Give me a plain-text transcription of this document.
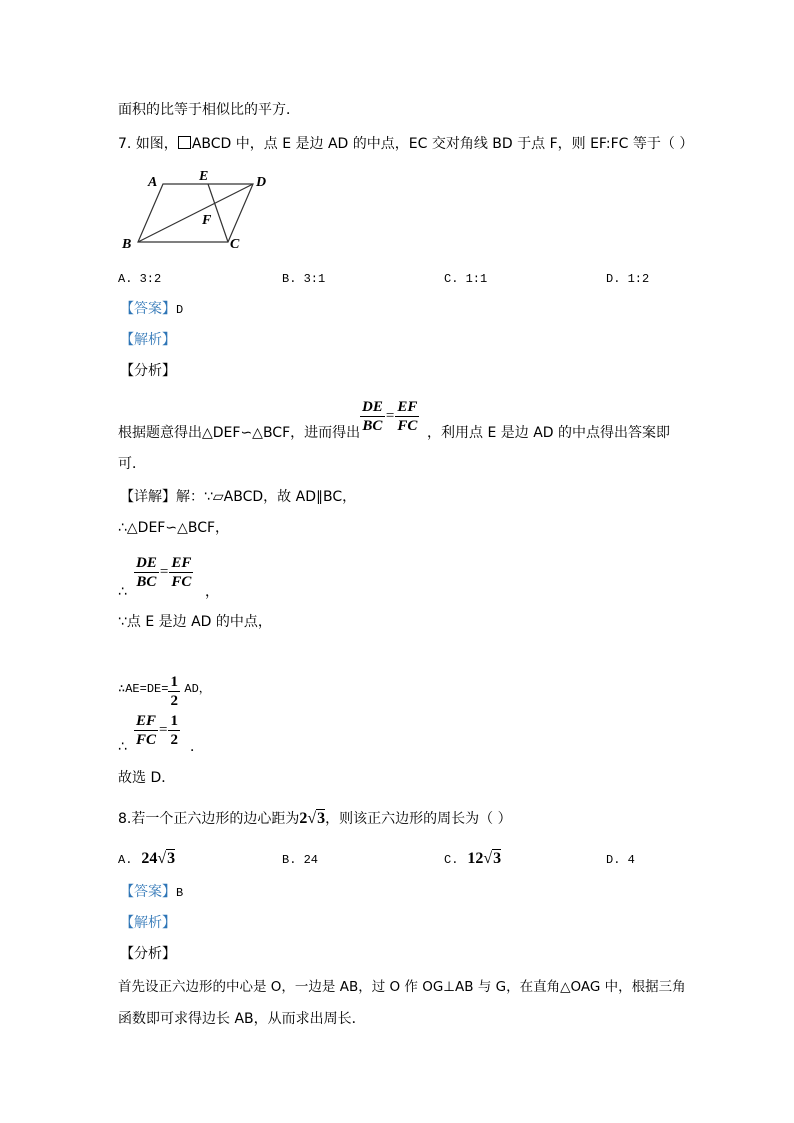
面积的比等于相似比的平方．
7. 如图， ABCD 中，点 E 是边 AD 的中点，EC 交对角线 BD 于点 F，则 EF:FC 等于（ ）
A	E	D
F
B	C
A. 3:2	B. 3:1	C. 1:1	D. 1:2
【答案】D
【解析】
【分析】
根据题意得出△DEF∽△BCF，进而得出 $\frac{DE}{BC} = \frac{EF}{FC}$ ，利用点 E 是边 AD 的中点得出答案即
可．
【详解】解：∵▱ABCD，故 AD∥BC，
∴△DEF∽△BCF，
∴
$\frac{DE}{BC} = \frac{EF}{FC}$
，
∵点 E 是边 AD 的中点，
∴AE=DE= $\frac{1}{2}$ AD，
∴ $\frac{EF}{FC} = \frac{1}{2}$ ．
故选 D．
8.若一个正六边形的边心距为2√3，则该正六边形的周长为（ ）
A. 24√3	B. 24	C. 12√3	D. 4
【答案】B
【解析】
【分析】
首先设正六边形的中心是 O，一边是 AB，过 O 作 OG⊥AB 与 G，在直角△OAG 中，根据三角
函数即可求得边长 AB，从而求出周长．
